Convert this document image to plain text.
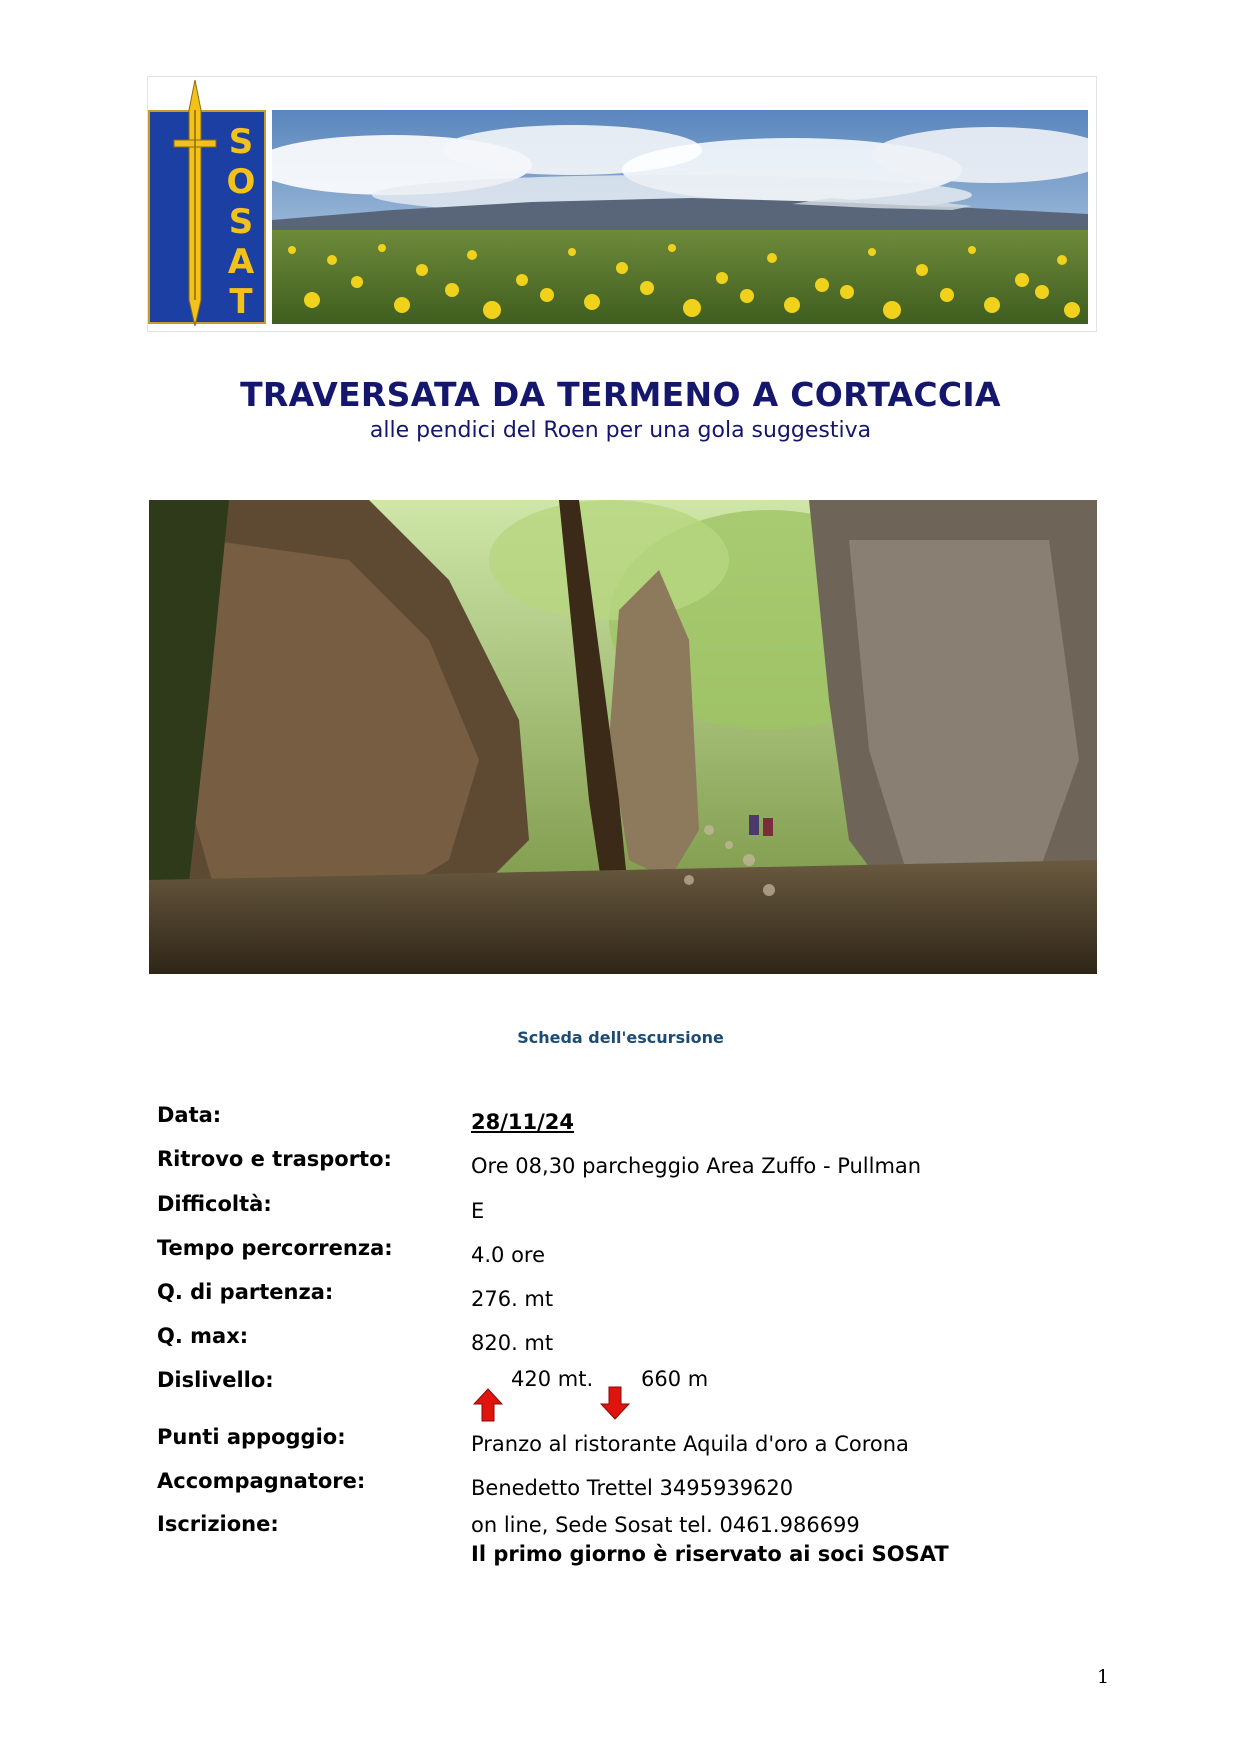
S
O
S
A
T
TRAVERSATA DA TERMENO A CORTACCIA
alle pendici del Roen per una gola suggestiva
Scheda dell'escursione
Data:	28/11/24
Ritrovo e trasporto:	Ore 08,30 parcheggio Area Zuffo - Pullman
Difficoltà:	E
Tempo percorrenza:	4.0 ore
Q. di partenza:	276. mt
Q. max:	820. mt
Dislivello:	420 mt. 660 m
Punti appoggio:	Pranzo al ristorante Aquila d'oro a Corona
Accompagnatore:	Benedetto Trettel 3495939620
Iscrizione:	on line, Sede Sosat tel. 0461.986699
Il primo giorno è riservato ai soci SOSAT
1
